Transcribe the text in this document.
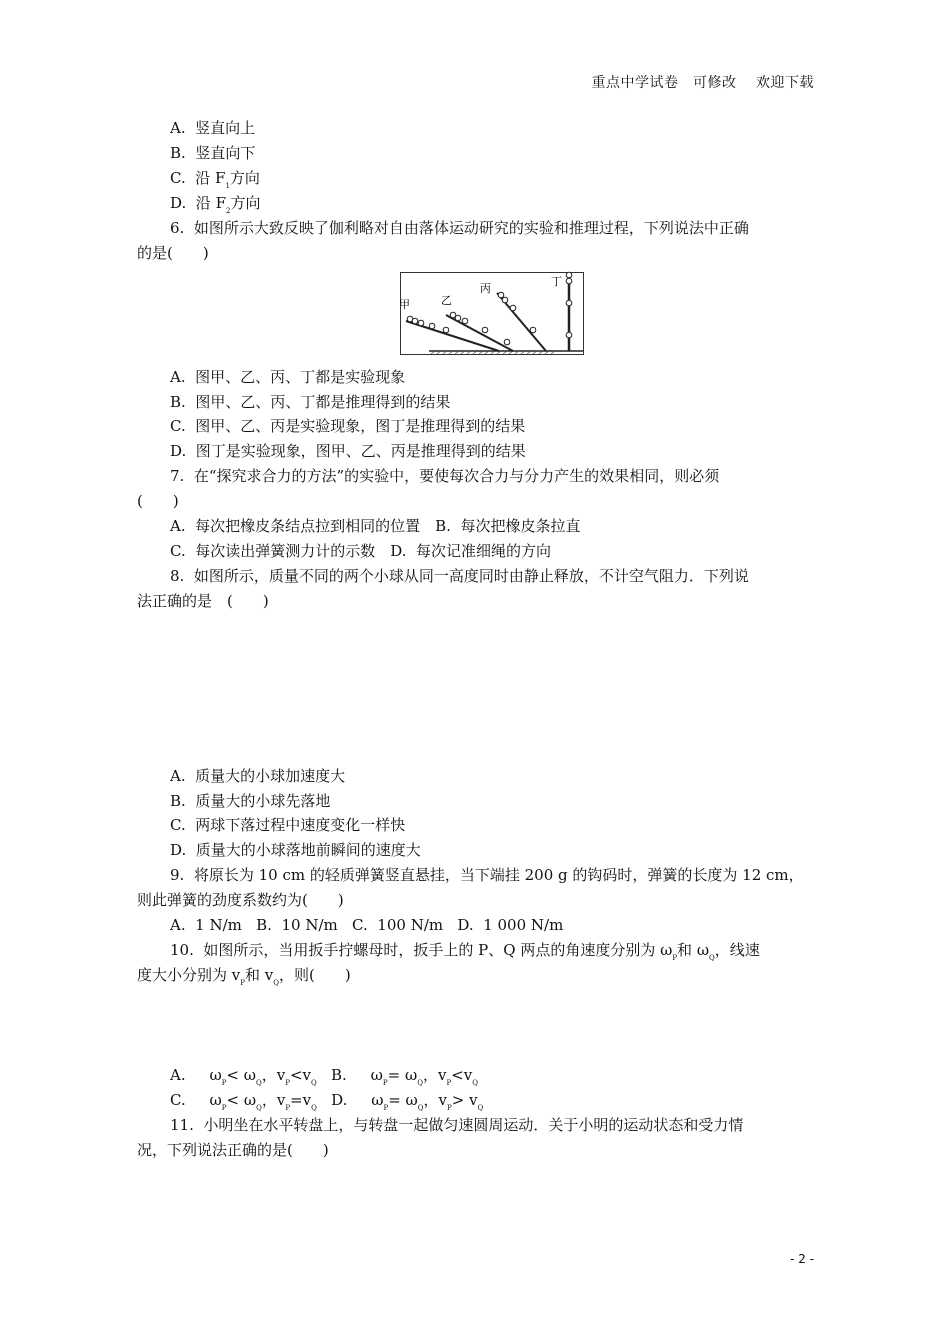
重点中学试卷　可修改　 欢迎下载
A.  竖直向上
B.  竖直向下
C.  沿 $F_1$方向
D.  沿 $F_2$方向
6.  如图所示大致反映了伽利略对自由落体运动研究的实验和推理过程，下列说法中正确
的是(　　)
甲	乙
丙
丁
A.  图甲、乙、丙、丁都是实验现象
B.  图甲、乙、丙、丁都是推理得到的结果
C.  图甲、乙、丙是实验现象，图丁是推理得到的结果
D.  图丁是实验现象，图甲、乙、丙是推理得到的结果
7.  在“探究求合力的方法”的实验中，要使每次合力与分力产生的效果相同，则必须
(　　)
A.  每次把橡皮条结点拉到相同的位置　B.  每次把橡皮条拉直
C.  每次读出弹簧测力计的示数　D.  每次记准细绳的方向
8.  如图所示，质量不同的两个小球从同一高度同时由静止释放，不计空气阻力．下列说
法正确的是　(　　)
A.  质量大的小球加速度大
B.  质量大的小球先落地
C.  两球下落过程中速度变化一样快
D.  质量大的小球落地前瞬间的速度大
9.  将原长为 10 cm 的轻质弹簧竖直悬挂，当下端挂 200 g 的钩码时，弹簧的长度为 12 cm，
则此弹簧的劲度系数约为(　　)
A.  1 N/m   B.  10 N/m   C.  100 N/m   D.  1 000 N/m
10.  如图所示，当用扳手拧螺母时，扳手上的 P、Q 两点的角速度分别为 $\omega_P$和 $\omega_Q$，线速
度大小分别为 $v_P$和 $v_Q$，则(　　)
A.     $\omega_P< \omega_Q$，$v_P<v_Q$   B.     $\omega_P= \omega_Q$，$v_P<v_Q$
C.     $\omega_P< \omega_Q$，$v_P=v_Q$   D.     $\omega_P= \omega_Q$，$v_P> v_Q$
11.  小明坐在水平转盘上，与转盘一起做匀速圆周运动．关于小明的运动状态和受力情
况，下列说法正确的是(　　)
- 2 -
